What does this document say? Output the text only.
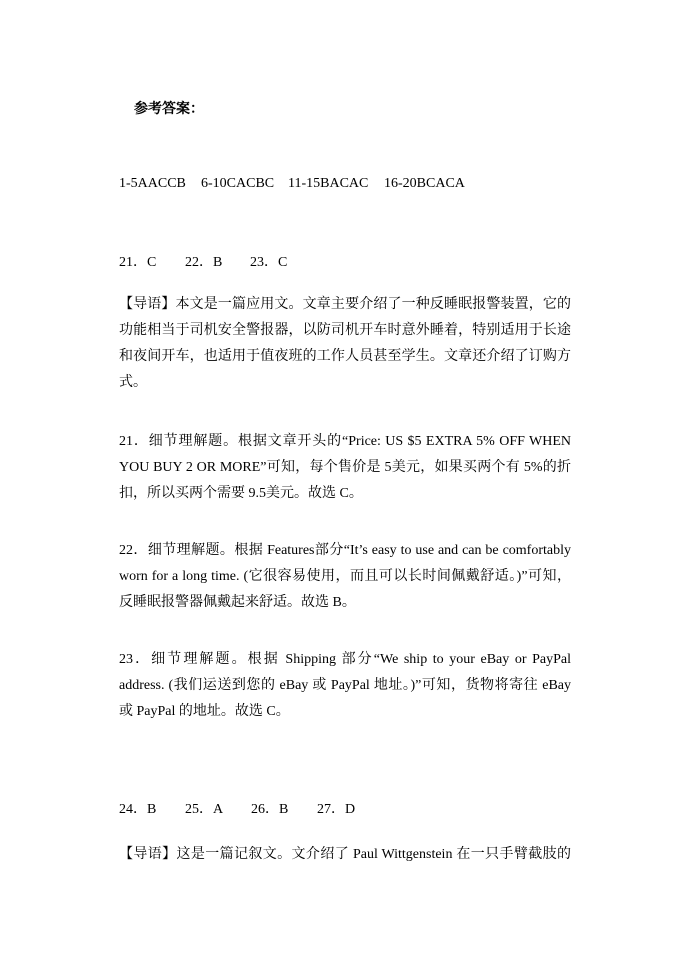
参考答案：
1-5AACCB 6-10CACBC 11-15BACAC 16-20BCACA
21．C 22．B 23．C
【导语】本文是一篇应用文。文章主要介绍了一种反睡眠报警装置，它的
功能相当于司机安全警报器，以防司机开车时意外睡着，特别适用于长途
和夜间开车，也适用于值夜班的工作人员甚至学生。文章还介绍了订购方
式。
21．细节理解题。根据文章开头的“Price: US $5 EXTRA 5% OFF WHEN
YOU BUY 2 OR MORE”可知，每个售价是 5美元，如果买两个有 5%的折
扣，所以买两个需要 9.5美元。故选 C。
22．细节理解题。根据 Features部分“It’s easy to use and can be comfortably
worn for a long time. (它很容易使用，而且可以长时间佩戴舒适。)”可知，
反睡眠报警器佩戴起来舒适。故选 B。
23．细节理解题。根据 Shipping 部分“We ship to your eBay or PayPal
address. (我们运送到您的 eBay 或 PayPal 地址。)”可知，货物将寄往 eBay
或 PayPal 的地址。故选 C。
24．B 25．A 26．B 27．D
【导语】这是一篇记叙文。文介绍了 Paul Wittgenstein 在一只手臂截肢的
